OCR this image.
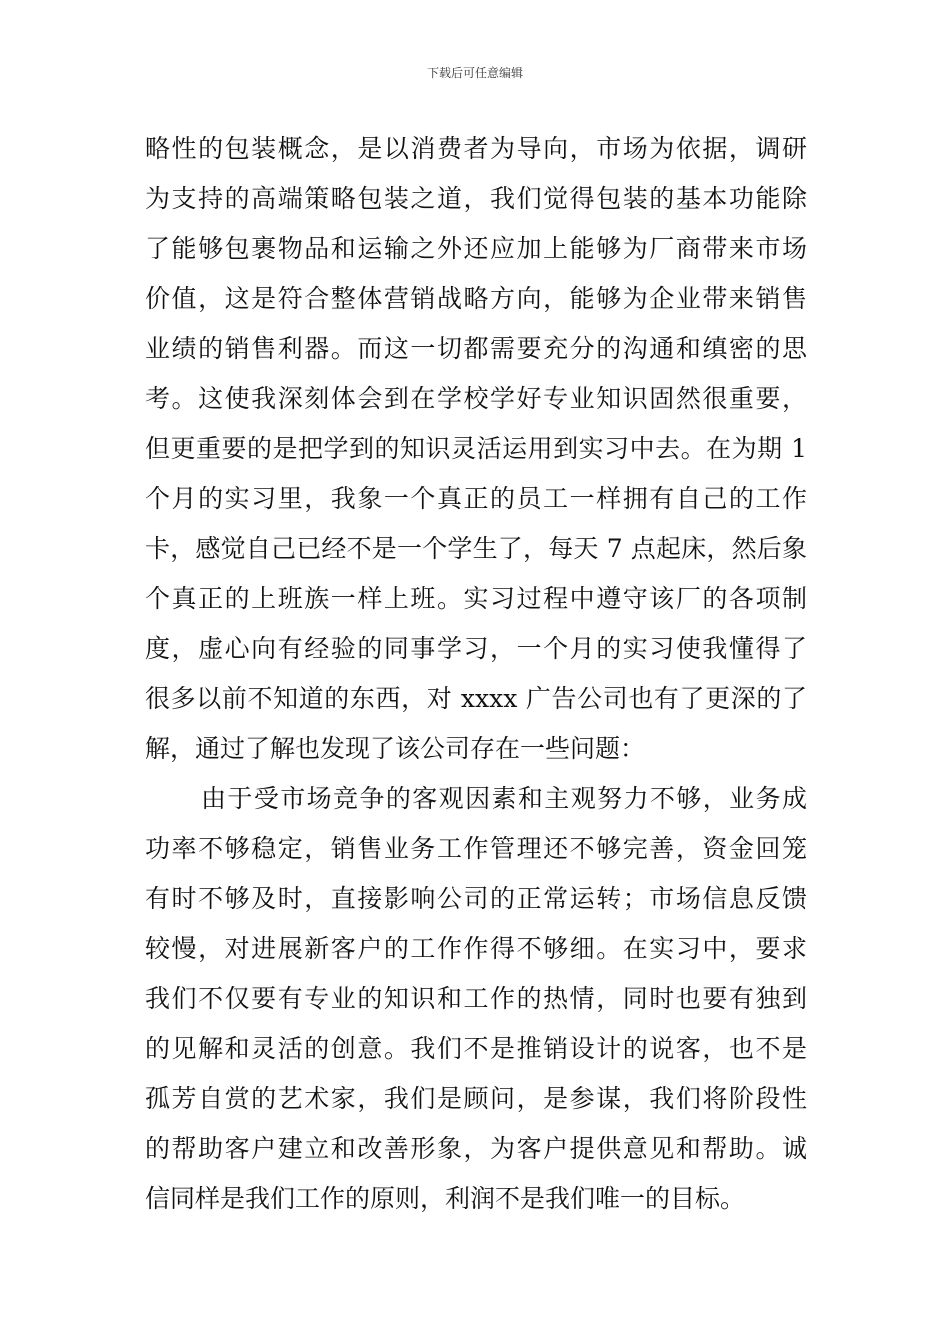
下载后可任意编辑
略性的包装概念，是以消费者为导向，市场为依据，调研
为支持的高端策略包装之道，我们觉得包装的基本功能除
了能够包裹物品和运输之外还应加上能够为厂商带来市场
价值，这是符合整体营销战略方向，能够为企业带来销售
业绩的销售利器。而这一切都需要充分的沟通和缜密的思
考。这使我深刻体会到在学校学好专业知识固然很重要，
但更重要的是把学到的知识灵活运用到实习中去。在为期 1
个月的实习里，我象一个真正的员工一样拥有自己的工作
卡，感觉自己已经不是一个学生了，每天 7 点起床，然后象
个真正的上班族一样上班。实习过程中遵守该厂的各项制
度，虚心向有经验的同事学习，一个月的实习使我懂得了
很多以前不知道的东西，对 xxxx 广告公司也有了更深的了
解，通过了解也发现了该公司存在一些问题：
由于受市场竞争的客观因素和主观努力不够，业务成
功率不够稳定，销售业务工作管理还不够完善，资金回笼
有时不够及时，直接影响公司的正常运转；市场信息反馈
较慢，对进展新客户的工作作得不够细。在实习中，要求
我们不仅要有专业的知识和工作的热情，同时也要有独到
的见解和灵活的创意。我们不是推销设计的说客，也不是
孤芳自赏的艺术家，我们是顾问，是参谋，我们将阶段性
的帮助客户建立和改善形象，为客户提供意见和帮助。诚
信同样是我们工作的原则，利润不是我们唯一的目标。
